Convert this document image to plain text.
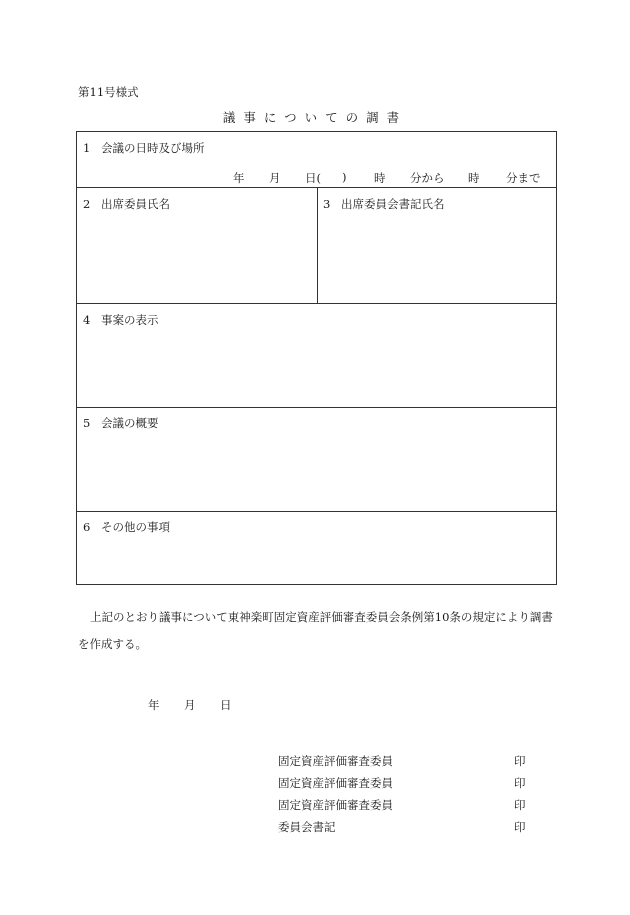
第11号様式
議事についての調書
1 会議の日時及び場所
年 月 日( ) 時 分から 時 分まで
2 出席委員氏名	3 出席委員会書記氏名
4 事案の表示
5 会議の概要
6 その他の事項
上記のとおり議事について東神楽町固定資産評価審査委員会条例第10条の規定により調書を作成する。
年 月 日
固定資産評価審査委員	印
固定資産評価審査委員	印
固定資産評価審査委員	印
委員会書記	印
